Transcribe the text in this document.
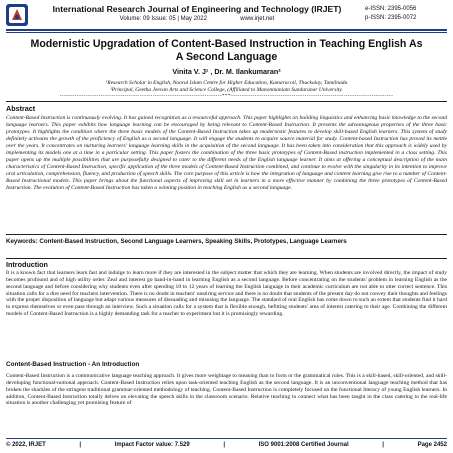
International Research Journal of Engineering and Technology (IRJET)
Volume: 09 Issue: 05 | May 2022	www.irjet.net
e-ISSN: 2395-0056
p-ISSN: 2395-0072
Modernistic Upgradation of Content-Based Instruction in Teaching English As A Second Language
Vinita V. J¹ , Dr. M. Ilankumaran²
¹Research Scholar in English, Noorul Islam Centre for Higher Education, Kumaracoil, Thuckalay, Tamilnadu
²Principal, Geetha Jeevan Arts and Science College, (Affiliated to Manonmaniam Sundaranar University.
---------------------------------------------------------------------------***---------------------------------------------------------------------------
Abstract
Content-Based Instruction is continuously evolving. It has gained recognition as a resourceful approach. This paper highlights on building linguistics and enhancing basic knowledge to the second language learners. This paper exhibits how language learning can be encouraged by being relevant to Content-Based Instruction. It presents the advantageous properties of the three basic prototypes. It highlights the condition where the three basic models of the Content-Based Instruction takes up modernistic features to develop skill-based English learners. This system of study definitely activates the growth of the proficiency of English as a second language. It will engage the students to acquire source material for study. Content-based Instruction has proved its mettle over the years. It concentrates on nurturing learners' language learning skills in the acquisition of the second language. It has been taken into consideration that this approach is widely used by implementing its models one at a time in a particular setting. This paper fosters the combination of the three basic prototypes of Content-Based instruction implemented in a class setting. This paper opens up the multiple possibilities that are purposefully designed to cater to the different needs of the English language learner. It aims at offering a conceptual description of the main characteristics of Content-Based Instruction, specific application of the three models of Content-Based Instruction combined, and continue to evolve with the singularity in its intention to improve oral articulation, comprehension, fluency, and production of speech skills. The core purpose of this article is how the integration of language and content learning give rise to a number of Content-Based Instructional models. This paper brings about the functional aspects of improving skill set in learners in a more effective manner by combining the three prototypes of Content-Based Instruction. The evolution of Content-Based Instruction has taken a winning position in teaching English as a second language.
Keywords: Content-Based Instruction, Second Language Learners, Speaking Skills, Prototypes, Language Learners
Introduction
It is a known fact that learners learn fast and indulge to learn more if they are interested in the subject matter that which they are learning. When students are involved directly, the impact of study becomes profound and of high utility order. Zeal and interest go hand-in-hand in learning English as a second language. Before concentrating on the students' problem in learning English as the second language and before considering why students even after spending 10 to 12 years of learning the English language in their academic curriculum are not able to utter correct sentence. This situation calls for a dire need for teachers intervention. There is no doubt in teachers' unstiring service and there is no doubt that students of the present day do not convey their thoughts and feelings with the proper disposition of language but adapt various measures of dissuading and misusing the language. The standard of oral English has come down to such an extent that students find it hard to express themselves or even pass through an interview. Such a situation calls for a system that is flexible enough, befitting students' area of interest catering to their age. Combining the different models of Content-Based Instruction is a highly demanding task for a teacher to experiment but it is promisingly rewarding.
Content-Based Instruction - An Introduction
Content-Based Instruction is a communicative language teaching approach. It gives more weightage to meaning than to form or the grammatical rules. This is a skill-based, skill-oriented, and skill-developing functional-notional approach. Content-Based Instruction relies upon task-oriented teaching English as the second language. It is an unconventional language teaching method that has broken the shackles of the stringent traditional grammar-oriented methodology of teaching. Content-Based Instruction is completely focused on the functional literacy of young English learners. In addition, Content-Based Instruction totally delves on elevating the speech skills in the classroom scenario. Relative teaching to connect what has been taught in the class catering to the real-life situation is another challenging yet promising feature of
© 2022, IRJET	|	Impact Factor value: 7.529	|	ISO 9001:2008 Certified Journal	|	Page 2452
